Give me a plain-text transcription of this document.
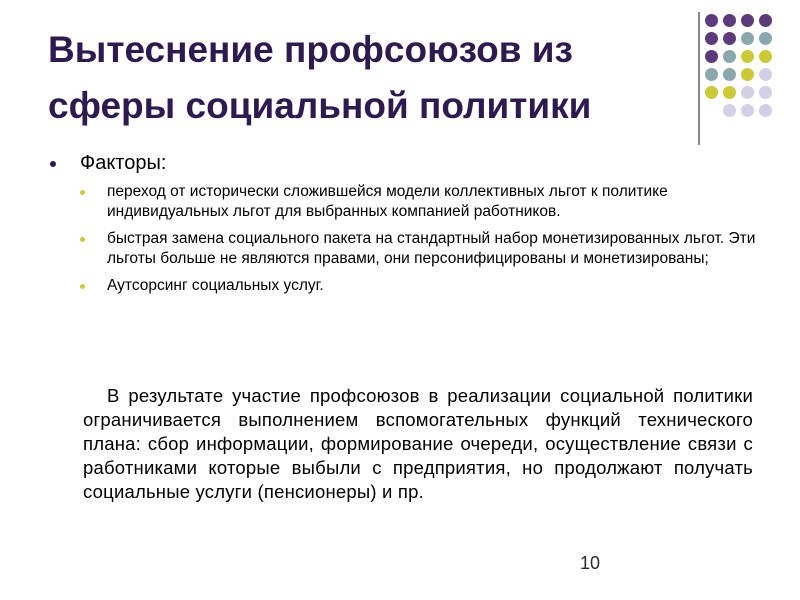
Вытеснение профсоюзов из сферы социальной политики
Факторы:
переход от исторически сложившейся модели коллективных льгот к политике индивидуальных льгот для выбранных компанией работников.
быстрая замена социального пакета на стандартный набор монетизированных льгот. Эти льготы больше не являются правами, они персонифицированы и монетизированы;
Аутсорсинг социальных услуг.

В результате участие профсоюзов в реализации социальной политики ограничивается выполнением вспомогательных функций технического плана: сбор информации, формирование очереди, осуществление связи с работниками которые выбыли с предприятия, но продолжают получать социальные услуги (пенсионеры) и пр.

10
